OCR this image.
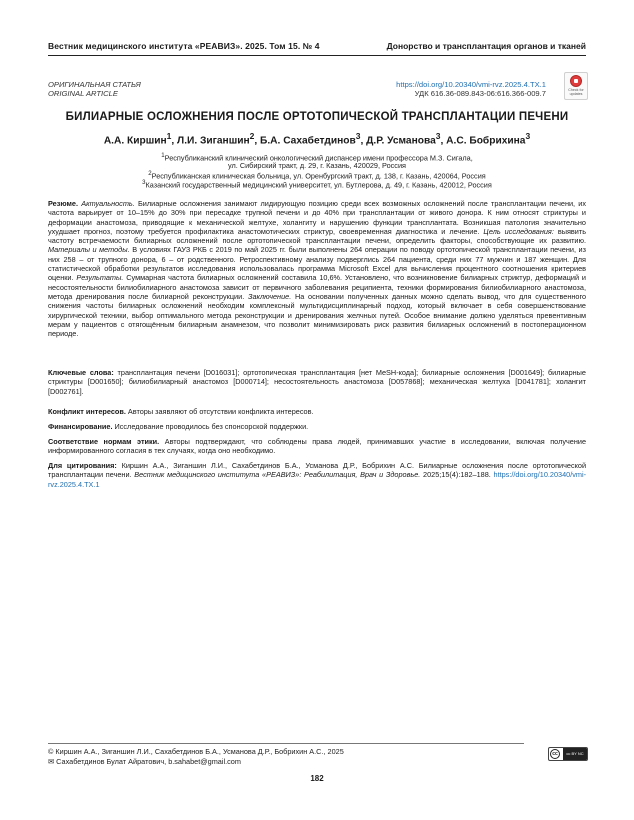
Вестник медицинского института «РЕАВИЗ». 2025. Том 15. № 4	Донорство и трансплантация органов и тканей
ОРИГИНАЛЬНАЯ СТАТЬЯ
ORIGINAL ARTICLE
https://doi.org/10.20340/vmi-rvz.2025.4.TX.1
УДК 616.36-089.843-06:616.366-009.7	Check for updates
БИЛИАРНЫЕ ОСЛОЖНЕНИЯ ПОСЛЕ ОРТОТОПИЧЕСКОЙ ТРАНСПЛАНТАЦИИ ПЕЧЕНИ
А.А. Киршин$^1$, Л.И. Зиганшин$^2$, Б.А. Сахабетдинов$^3$, Д.Р. Усманова$^3$, А.С. Бобрихина$^3$
$^1$Республиканский клинический онкологический диспансер имени профессора М.З. Сигала,
ул. Сибирский тракт, д. 29, г. Казань, 420029, Россия
$^2$Республиканская клиническая больница, ул. Оренбургский тракт, д. 138, г. Казань, 420064, Россия
$^3$Казанский государственный медицинский университет, ул. Бутлерова, д. 49, г. Казань, 420012, Россия
Резюме. Актуальность. Билиарные осложнения занимают лидирующую позицию среди всех возможных осложнений после трансплантации печени, их частота варьирует от 10–15% до 30% при пересадке трупной печени и до 40% при трансплантации от живого донора. К ним относят стриктуры и деформации анастомоза, приводящие к механической желтухе, холангиту и нарушению функции трансплантата. Возникшая патология значительно ухудшает прогноз, поэтому требуется профилактика анастомотических стриктур, своевременная диагностика и лечение. Цель исследования: выявить частоту встречаемости билиарных осложнений после ортотопической трансплантации печени, определить факторы, способствующие их развитию. Материалы и методы. В условиях ГАУЗ РКБ с 2019 по май 2025 гг. были выполнены 264 операции по поводу ортотопической трансплантации печени, из них 258 – от трупного донора, 6 – от родственного. Ретроспективному анализу подверглись 264 пациента, среди них 77 мужчин и 187 женщин. Для статистической обработки результатов исследования использовалась программа Microsoft Excel для вычисления процентного соотношения критериев оценки. Результаты. Суммарная частота билиарных осложнений составила 10,6%. Установлено, что возникновение билиарных стриктур, деформаций и несостоятельности билиобилиарного анастомоза зависит от первичного заболевания реципиента, техники формирования билиобилиарного анастомоза, метода дренирования после билиарной реконструкции. Заключение. На основании полученных данных можно сделать вывод, что для существенного снижения частоты билиарных осложнений необходим комплексный мультидисциплинарный подход, который включает в себя совершенствование хирургической техники, выбор оптимального метода реконструкции и дренирования желчных путей. Особое внимание должно уделяться превентивным мерам у пациентов с отягощённым билиарным анамнезом, что позволит минимизировать риск развития билиарных осложнений в постоперационном периоде.
Ключевые слова: трансплантация печени [D016031]; ортотопическая трансплантация [нет MeSH-кода]; билиарные осложнения [D001649]; билиарные стриктуры [D001650]; билиобилиарный анастомоз [D000714]; несостоятельность анастомоза [D057868]; механическая желтуха [D041781]; холангит [D002761].
Конфликт интересов. Авторы заявляют об отсутствии конфликта интересов.
Финансирование. Исследование проводилось без спонсорской поддержки.
Соответствие нормам этики. Авторы подтверждают, что соблюдены права людей, принимавших участие в исследовании, включая получение информированного согласия в тех случаях, когда оно необходимо.
Для цитирования: Киршин А.А., Зиганшин Л.И., Сахабетдинов Б.А., Усманова Д.Р., Бобрихин А.С. Билиарные осложнения после ортотопической трансплантации печени. Вестник медицинского института «РЕАВИЗ»: Реабилитация, Врач и Здоровье. 2025;15(4):182–188. https://doi.org/10.20340/vmi-rvz.2025.4.TX.1
© Киршин А.А., Зиганшин Л.И., Сахабетдинов Б.А., Усманова Д.Р., Бобрихин А.С., 2025
✉ Сахабетдинов Булат Айратович, b.sahabet@gmail.com
cc	cc BY NC
182
